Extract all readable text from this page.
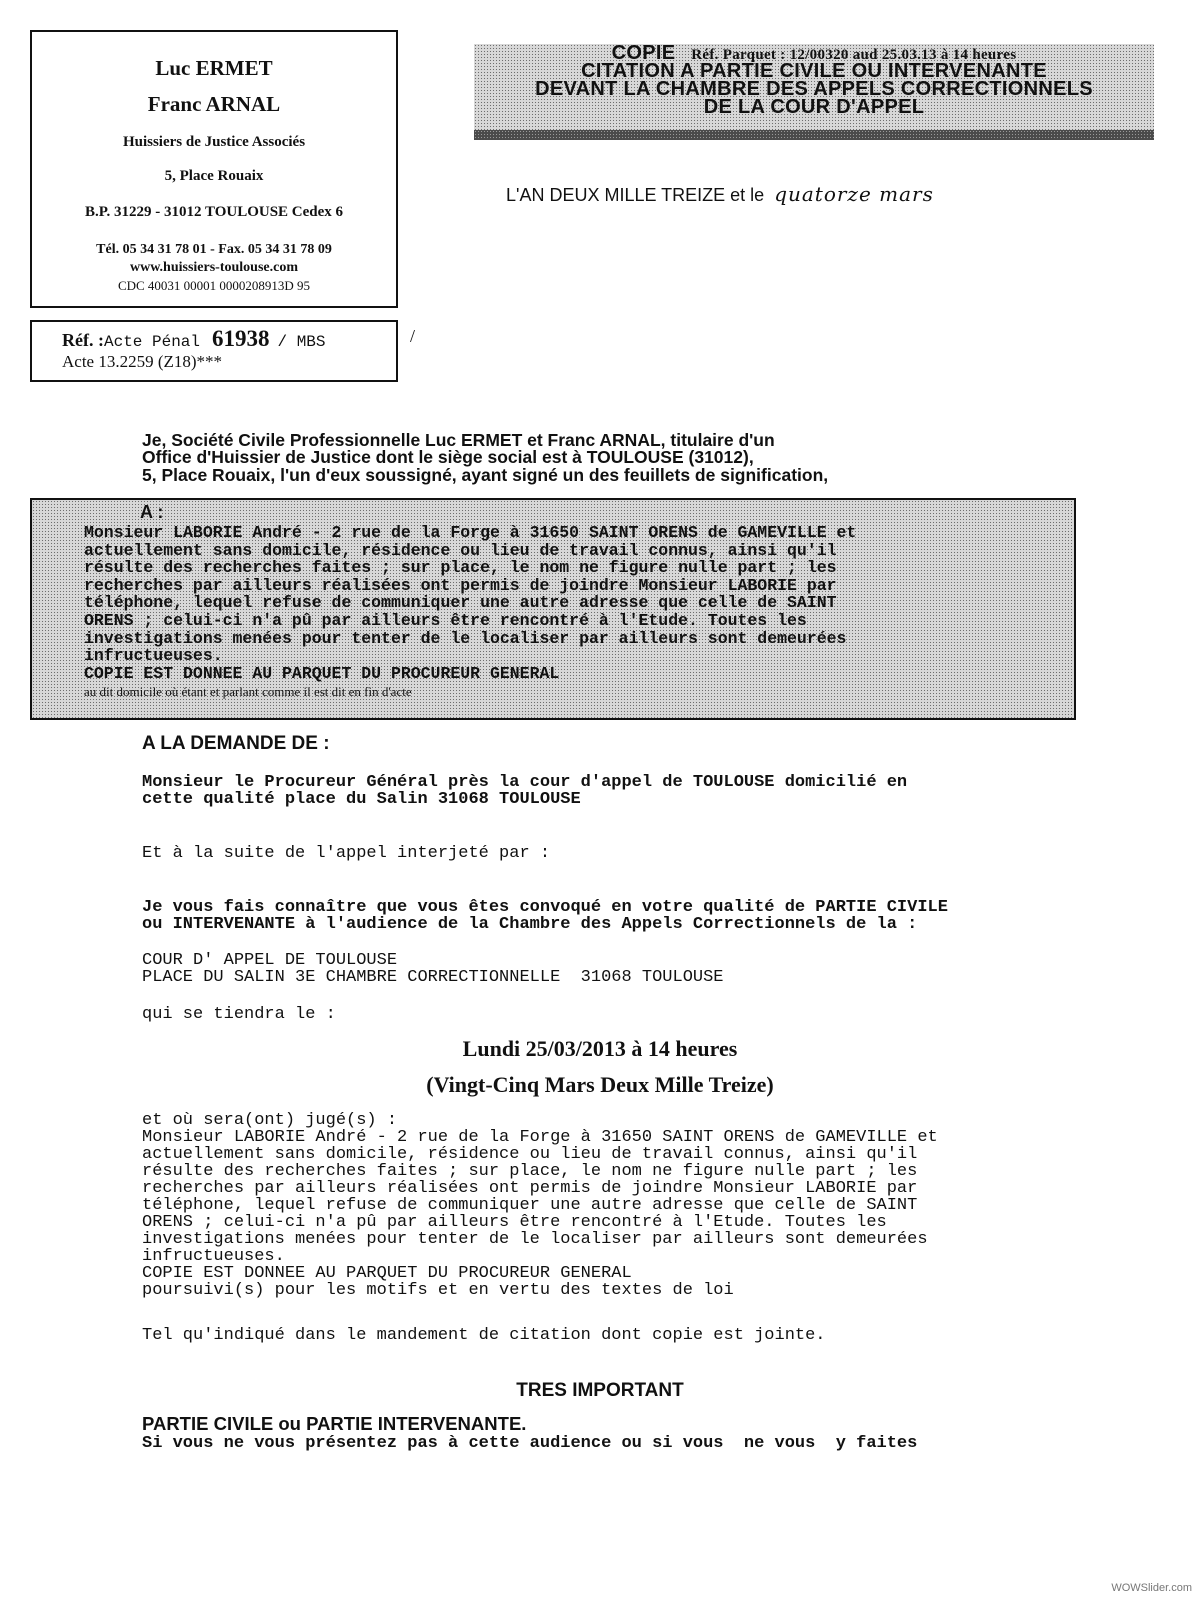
Luc ERMET
Franc ARNAL
Huissiers de Justice Associés
5, Place Rouaix
B.P. 31229 - 31012 TOULOUSE Cedex 6
Tél. 05 34 31 78 01 - Fax. 05 34 31 78 09
www.huissiers-toulouse.com
CDC 40031 00001 0000208913D 95
Réf. :Acte Pénal 61938 / MBS
Acte 13.2259 (Z18)***
/
COPIE Réf. Parquet : 12/00320 aud 25.03.13 à 14 heures
CITATION A PARTIE CIVILE OU INTERVENANTE
DEVANT LA CHAMBRE DES APPELS CORRECTIONNELS
DE LA COUR D'APPEL
L'AN DEUX MILLE TREIZE et le quatorze mars
Je, Société Civile Professionnelle Luc ERMET et Franc ARNAL, titulaire d'un
Office d'Huissier de Justice dont le siège social est à TOULOUSE (31012),
5, Place Rouaix, l'un d'eux soussigné, ayant signé un des feuillets de signification,
A :
Monsieur LABORIE André - 2 rue de la Forge à 31650 SAINT ORENS de GAMEVILLE et
actuellement sans domicile, résidence ou lieu de travail connus, ainsi qu'il
résulte des recherches faites ; sur place, le nom ne figure nulle part ; les
recherches par ailleurs réalisées ont permis de joindre Monsieur LABORIE par
téléphone, lequel refuse de communiquer une autre adresse que celle de SAINT
ORENS ; celui-ci n'a pû par ailleurs être rencontré à l'Etude. Toutes les
investigations menées pour tenter de le localiser par ailleurs sont demeurées
infructueuses.
COPIE EST DONNEE AU PARQUET DU PROCUREUR GENERAL
au dit domicile où étant et parlant comme il est dit en fin d'acte
A LA DEMANDE DE :
Monsieur le Procureur Général près la cour d'appel de TOULOUSE domicilié en
cette qualité place du Salin 31068 TOULOUSE
Et à la suite de l'appel interjeté par :
Je vous fais connaître que vous êtes convoqué en votre qualité de PARTIE CIVILE
ou INTERVENANTE à l'audience de la Chambre des Appels Correctionnels de la :
COUR D' APPEL DE TOULOUSE
PLACE DU SALIN 3E CHAMBRE CORRECTIONNELLE  31068 TOULOUSE
qui se tiendra le :
Lundi 25/03/2013 à 14 heures
(Vingt-Cinq Mars Deux Mille Treize)
et où sera(ont) jugé(s) :
Monsieur LABORIE André - 2 rue de la Forge à 31650 SAINT ORENS de GAMEVILLE et
actuellement sans domicile, résidence ou lieu de travail connus, ainsi qu'il
résulte des recherches faites ; sur place, le nom ne figure nulle part ; les
recherches par ailleurs réalisées ont permis de joindre Monsieur LABORIE par
téléphone, lequel refuse de communiquer une autre adresse que celle de SAINT
ORENS ; celui-ci n'a pû par ailleurs être rencontré à l'Etude. Toutes les
investigations menées pour tenter de le localiser par ailleurs sont demeurées
infructueuses.
COPIE EST DONNEE AU PARQUET DU PROCUREUR GENERAL
poursuivi(s) pour les motifs et en vertu des textes de loi
Tel qu'indiqué dans le mandement de citation dont copie est jointe.
TRES IMPORTANT
PARTIE CIVILE ou PARTIE INTERVENANTE.
Si vous ne vous présentez pas à cette audience ou si vous  ne vous  y faites
WOWSlider.com
